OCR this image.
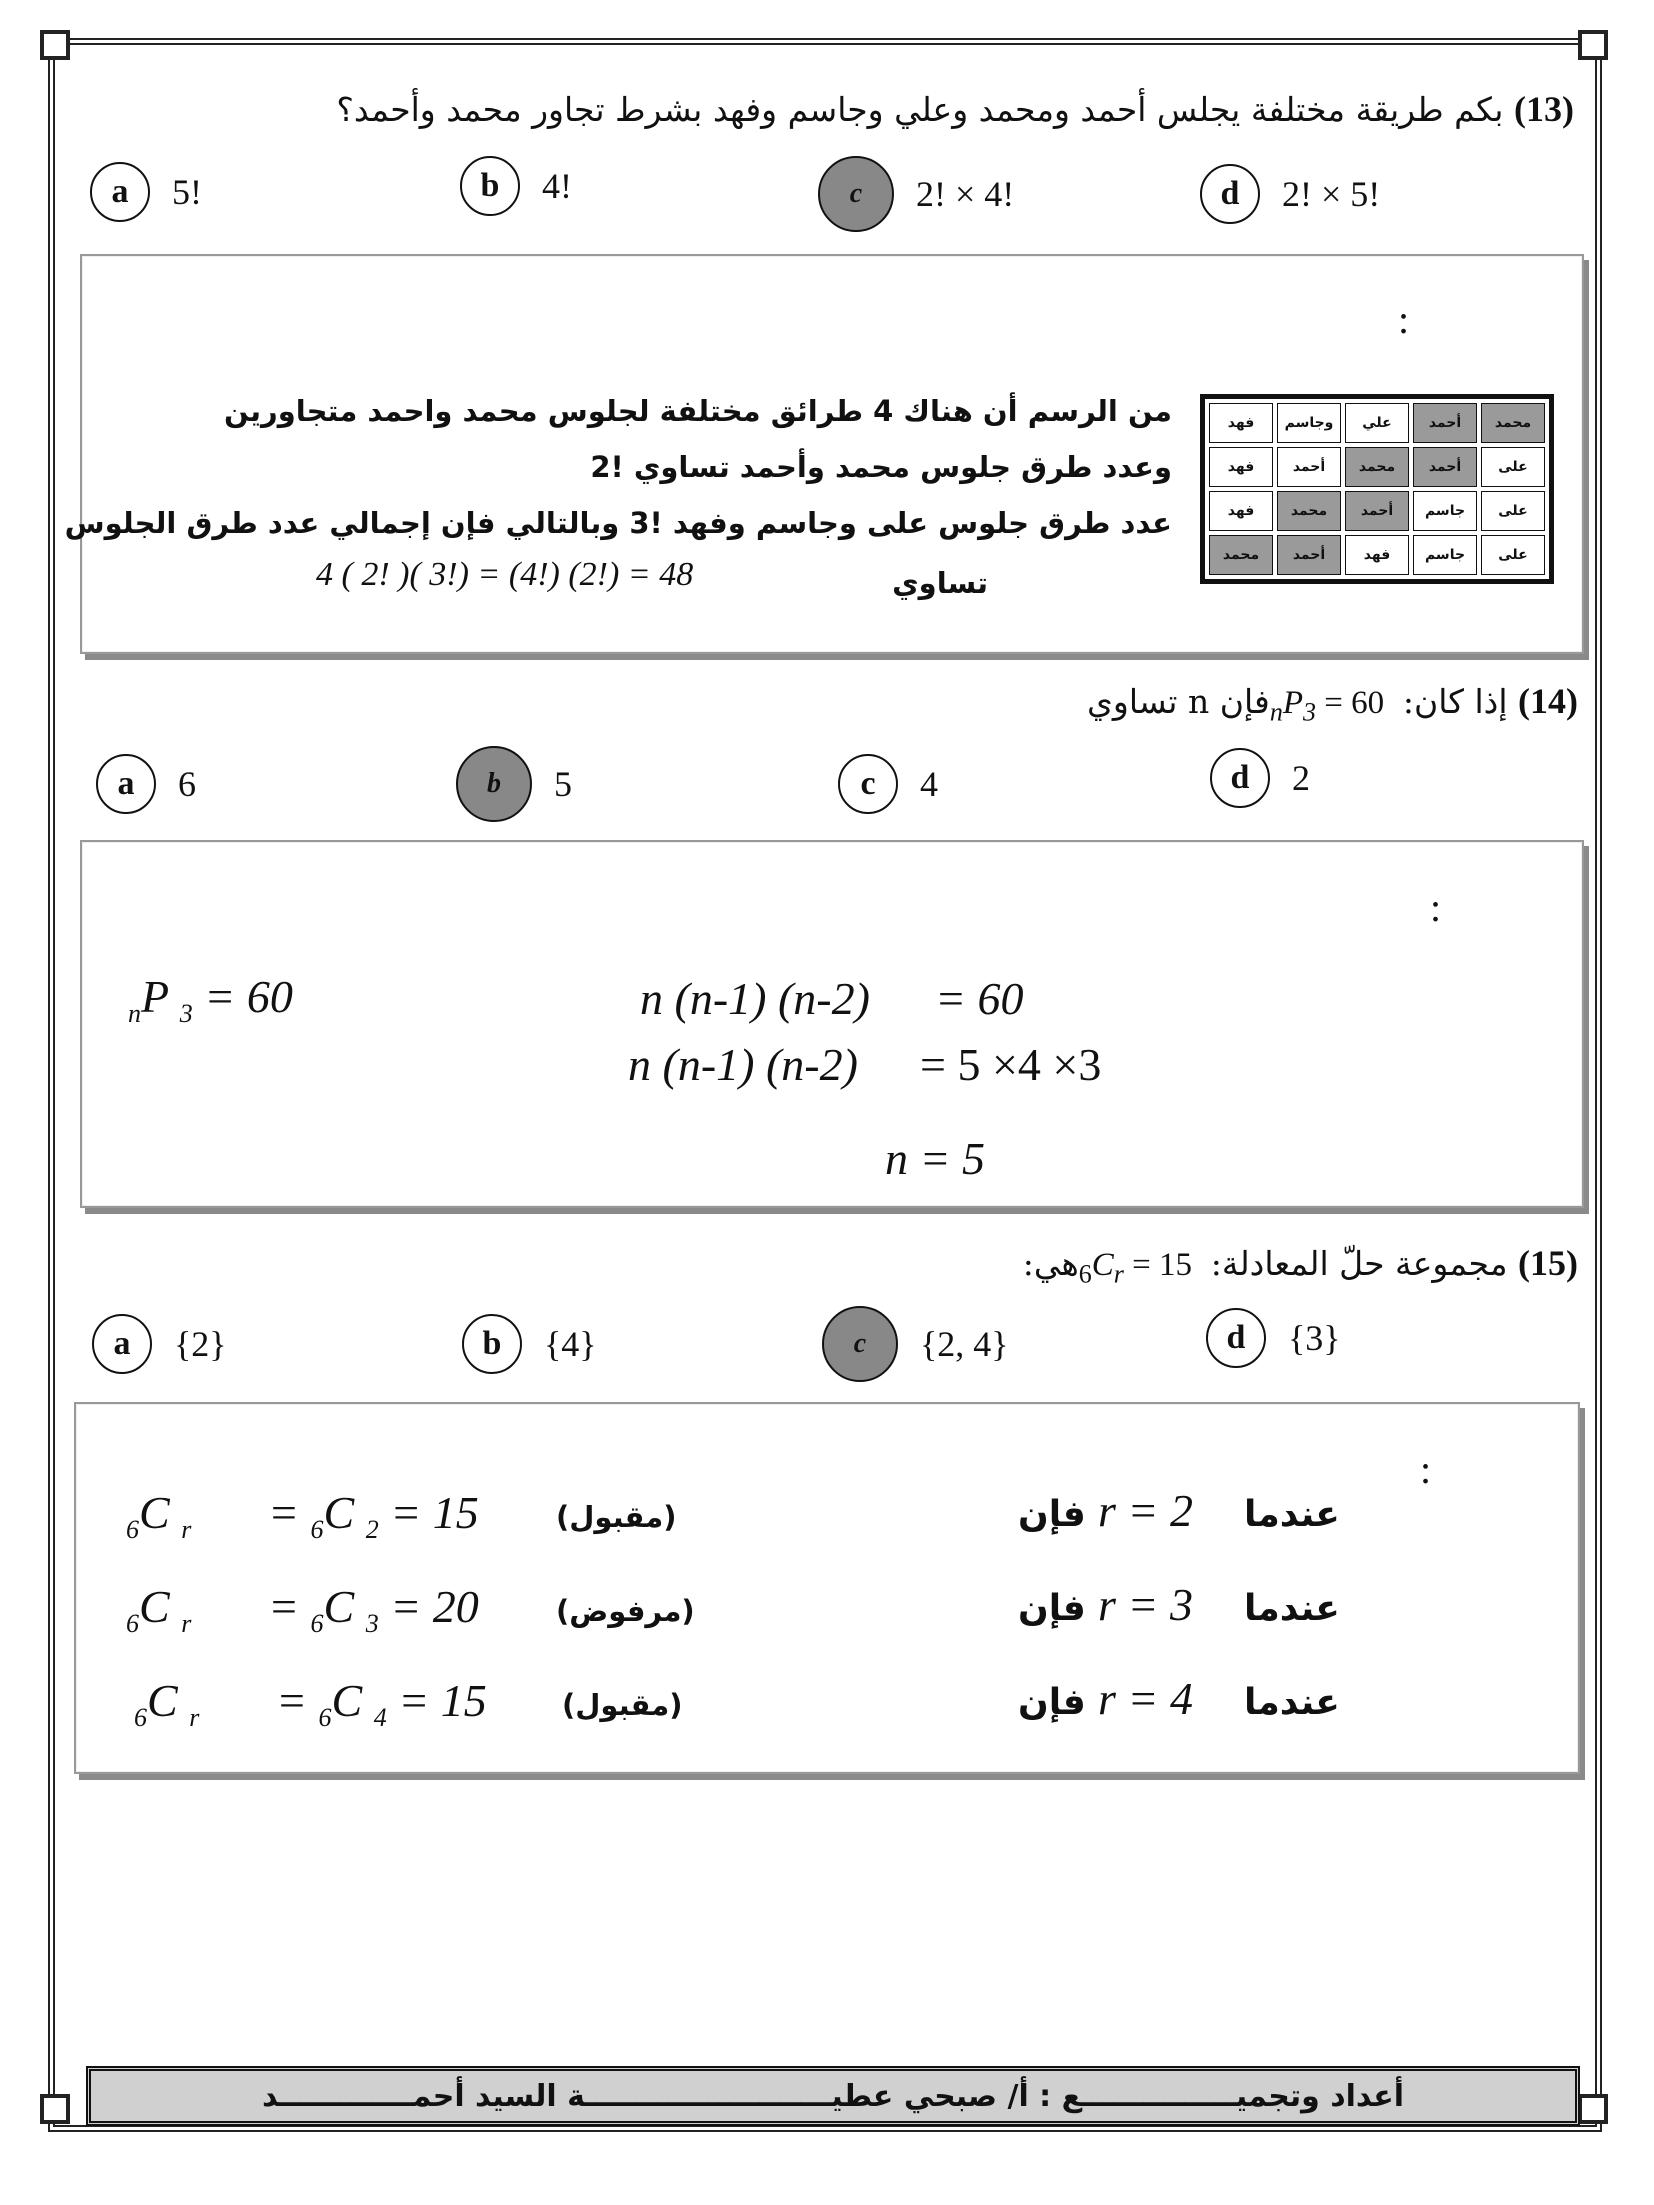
(13) بكم طريقة مختلفة يجلس أحمد ومحمد وعلي وجاسم وفهد بشرط تجاور محمد وأحمد؟
a	5!	b	4!	c	2! × 4!	d	2! × 5!
:
من الرسم أن هناك 4 طرائق مختلفة لجلوس محمد واحمد متجاورين
وعدد طرق جلوس محمد وأحمد تساوي !2
عدد طرق جلوس على وجاسم وفهد !3 وبالتالي فإن إجمالي عدد طرق الجلوس
تساوي
4 ( 2! )( 3!) = (4!) (2!) = 48
فهد	وجاسم	علي	أحمد	محمد
فهد	أحمد	محمد	أحمد	على
فهد	محمد	أحمد	جاسم	على
محمد	أحمد	فهد	جاسم	على
(14) إذا كان: $_nP_3 = 60$ فإن n تساوي
a	6	b	5	c	4	d	2
:
$_n$P $_3$ = 60	n (n-1) (n-2) = 60
n (n-1) (n-2) = 5 ×4 ×3
n = 5
(15) مجموعة حلّ المعادلة: $_6C_r = 15$ هي:
a	{2}	b	{4}	c	{2, 4}	d	{3}
:
$_6$C $_r$ = $_6$C $_2$ = 15	(مقبول)	فإن r = 2 عندما
$_6$C $_r$ = $_6$C $_3$ = 20	(مرفوض)	فإن r = 3 عندما
$_6$C $_r$ = $_6$C $_4$ = 15	(مقبول)	فإن r = 4 عندما
أعداد وتجميـــــــــــــــع : أ/ صبحي عطيــــــــــــــــــــــــة السيد أحمـــــــــــــد
